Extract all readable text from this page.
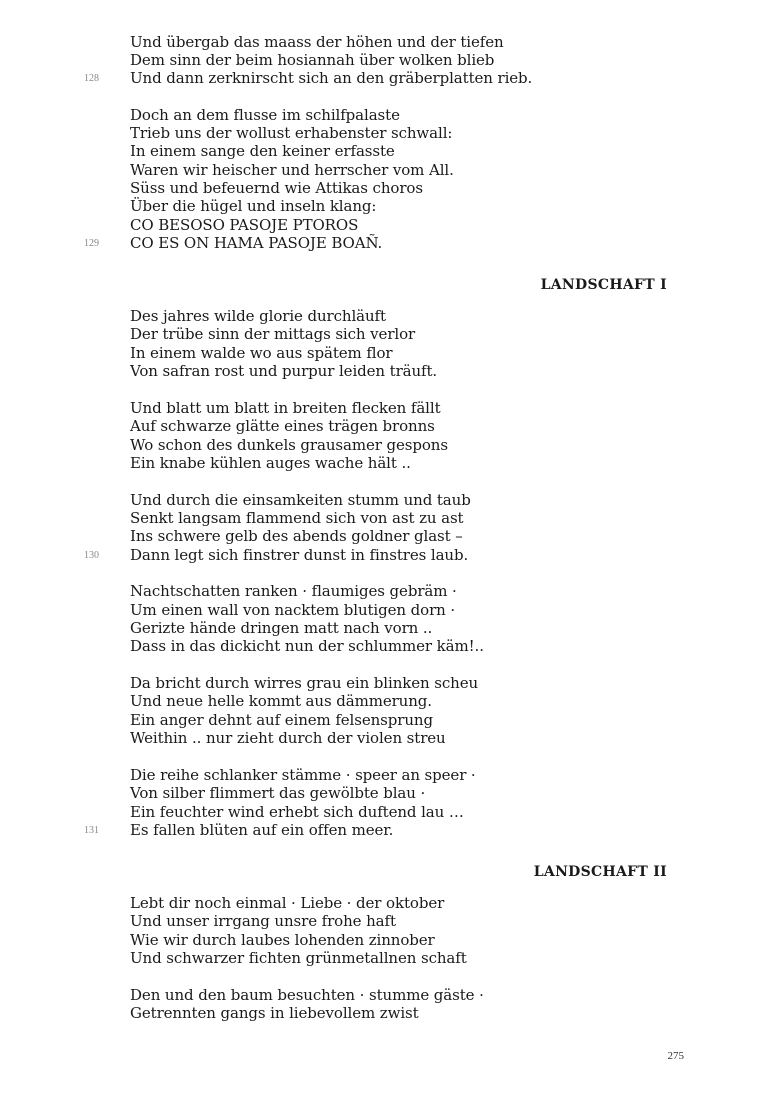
Und übergab das maass der höhen und der tiefen
Dem sinn der beim hosiannah über wolken blieb
128 Und dann zerknirscht sich an den gräberplatten rieb.
Doch an dem flusse im schilfpalaste
Trieb uns der wollust erhabenster schwall:
In einem sange den keiner erfasste
Waren wir heischer und herrscher vom All.
Süss und befeuernd wie Attikas choros
Über die hügel und inseln klang:
CO BESOSO PASOJE PTOROS
129 CO ES ON HAMA PASOJE BOAÑ.
LANDSCHAFT I
Des jahres wilde glorie durchläuft
Der trübe sinn der mittags sich verlor
In einem walde wo aus spätem flor
Von safran rost und purpur leiden träuft.
Und blatt um blatt in breiten flecken fällt
Auf schwarze glätte eines trägen bronns
Wo schon des dunkels grausamer gespons
Ein knabe kühlen auges wache hält ..
Und durch die einsamkeiten stumm und taub
Senkt langsam flammend sich von ast zu ast
Ins schwere gelb des abends goldner glast –
130 Dann legt sich finstrer dunst in finstres laub.
Nachtschatten ranken · flaumiges gebräm ·
Um einen wall von nacktem blutigen dorn ·
Gerizte hände dringen matt nach vorn ..
Dass in das dickicht nun der schlummer käm!..
Da bricht durch wirres grau ein blinken scheu
Und neue helle kommt aus dämmerung.
Ein anger dehnt auf einem felsensprung
Weithin .. nur zieht durch der violen streu
Die reihe schlanker stämme · speer an speer ·
Von silber flimmert das gewölbte blau ·
Ein feuchter wind erhebt sich duftend lau …
131 Es fallen blüten auf ein offen meer.
LANDSCHAFT II
Lebt dir noch einmal · Liebe · der oktober
Und unser irrgang unsre frohe haft
Wie wir durch laubes lohenden zinnober
Und schwarzer fichten grünmetallnen schaft
Den und den baum besuchten · stumme gäste ·
Getrennten gangs in liebevollem zwist
275
